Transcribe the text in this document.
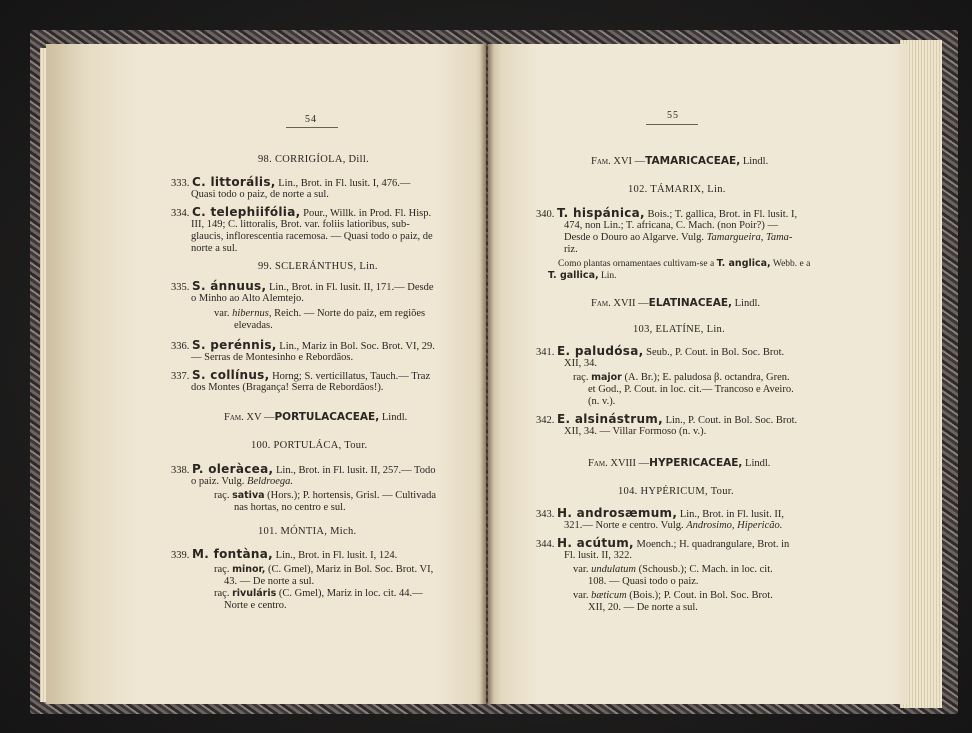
54
98. CORRIGÍOLA, Dill.
333. C. littorális, Lin., Brot. in Fl. lusit. I, 476.—
Quasi todo o paiz, de norte a sul.
334. C. telephiifólia, Pour., Willk. in Prod. Fl. Hisp.
III, 149; C. littoralis, Brot. var. foliis latioribus, sub-
glaucis, inflorescentia racemosa. — Quasi todo o paiz, de
norte a sul.
99. SCLERÁNTHUS, Lin.
335. S. ánnuus, Lin., Brot. in Fl. lusit. II, 171.— Desde
o Minho ao Alto Alemtejo.
var. hibernus, Reich. — Norte do paiz, em regiões
elevadas.
336. S. perénnis, Lin., Mariz in Bol. Soc. Brot. VI, 29.
— Serras de Montesinho e Rebordãos.
337. S. collínus, Horng; S. verticillatus, Tauch.— Traz
dos Montes (Bragança! Serra de Rebordãos!).
Fam. XV —PORTULACACEAE, Lindl.
100. PORTULÁCA, Tour.
338. P. oleràcea, Lin., Brot. in Fl. lusit. II, 257.— Todo
o paiz. Vulg. Beldroega.
raç. sativa (Hors.); P. hortensis, Grisl. — Cultivada
nas hortas, no centro e sul.
101. MÓNTIA, Mich.
339. M. fontàna, Lin., Brot. in Fl. lusit. I, 124.
raç. minor, (C. Gmel), Mariz in Bol. Soc. Brot. VI,
43. — De norte a sul.
raç. rivuláris (C. Gmel), Mariz in loc. cit. 44.—
Norte e centro.
55
Fam. XVI —TAMARICACEAE, Lindl.
102. TÁMARIX, Lin.
340. T. hispánica, Bois.; T. gallica, Brot. in Fl. lusit. I,
474, non Lin.; T. africana, C. Mach. (non Poir?) —
Desde o Douro ao Algarve. Vulg. Tamargueira, Tama-
riz.
Como plantas ornamentaes cultivam-se a T. anglica, Webb. e a
T. gallica, Lin.
Fam. XVII —ELATINACEAE, Lindl.
103, ELATÍNE, Lin.
341. E. paludósa, Seub., P. Cout. in Bol. Soc. Brot.
XII, 34.
raç. major (A. Br.); E. paludosa β. octandra, Gren.
et God., P. Cout. in loc. cit.— Trancoso e Aveiro.
(n. v.).
342. E. alsinástrum, Lin., P. Cout. in Bol. Soc. Brot.
XII, 34. — Villar Formoso (n. v.).
Fam. XVIII —HYPERICACEAE, Lindl.
104. HYPÉRICUM, Tour.
343. H. androsæmum, Lin., Brot. in Fl. lusit. II,
321.— Norte e centro. Vulg. Androsimo, Hipericão.
344. H. acútum, Moench.; H. quadrangulare, Brot. in
Fl. lusit. II, 322.
var. undulatum (Schousb.); C. Mach. in loc. cit.
108. — Quasi todo o paiz.
var. bæticum (Bois.); P. Cout. in Bol. Soc. Brot.
XII, 20. — De norte a sul.
